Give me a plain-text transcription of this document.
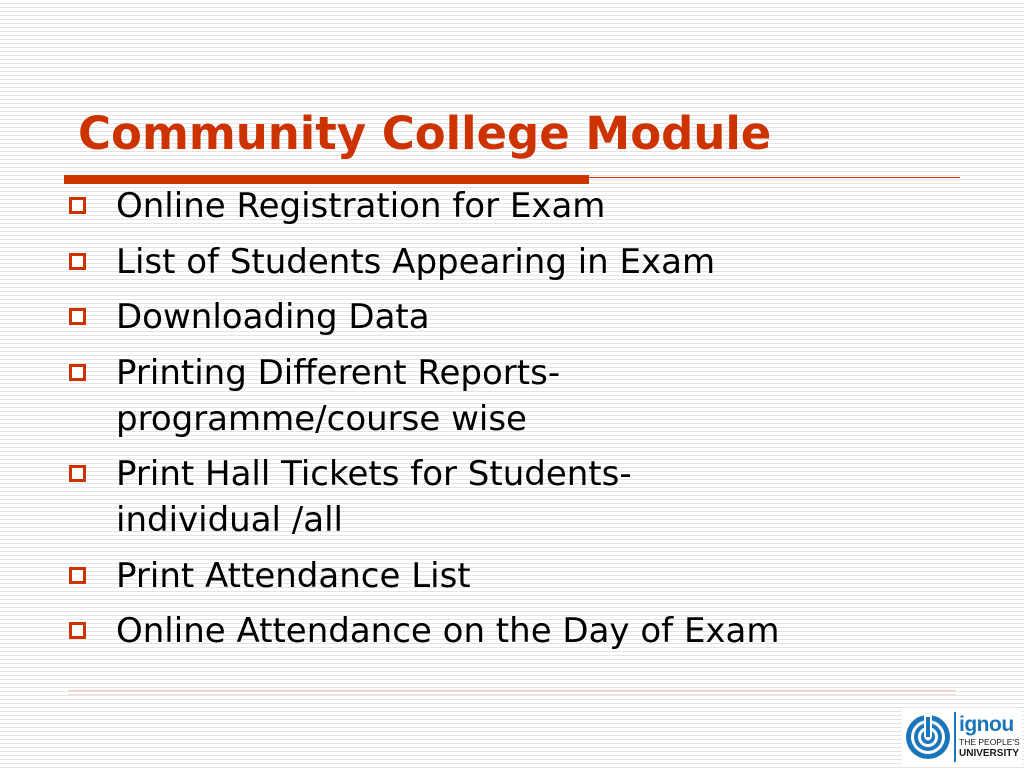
Community College Module
Online Registration for Exam
List of Students Appearing in Exam
Downloading Data
Printing Different Reports-
programme/course wise
Print Hall Tickets for Students-
individual /all
Print Attendance List
Online Attendance on the Day of Exam
ignou
THE PEOPLE'S
UNIVERSITY
